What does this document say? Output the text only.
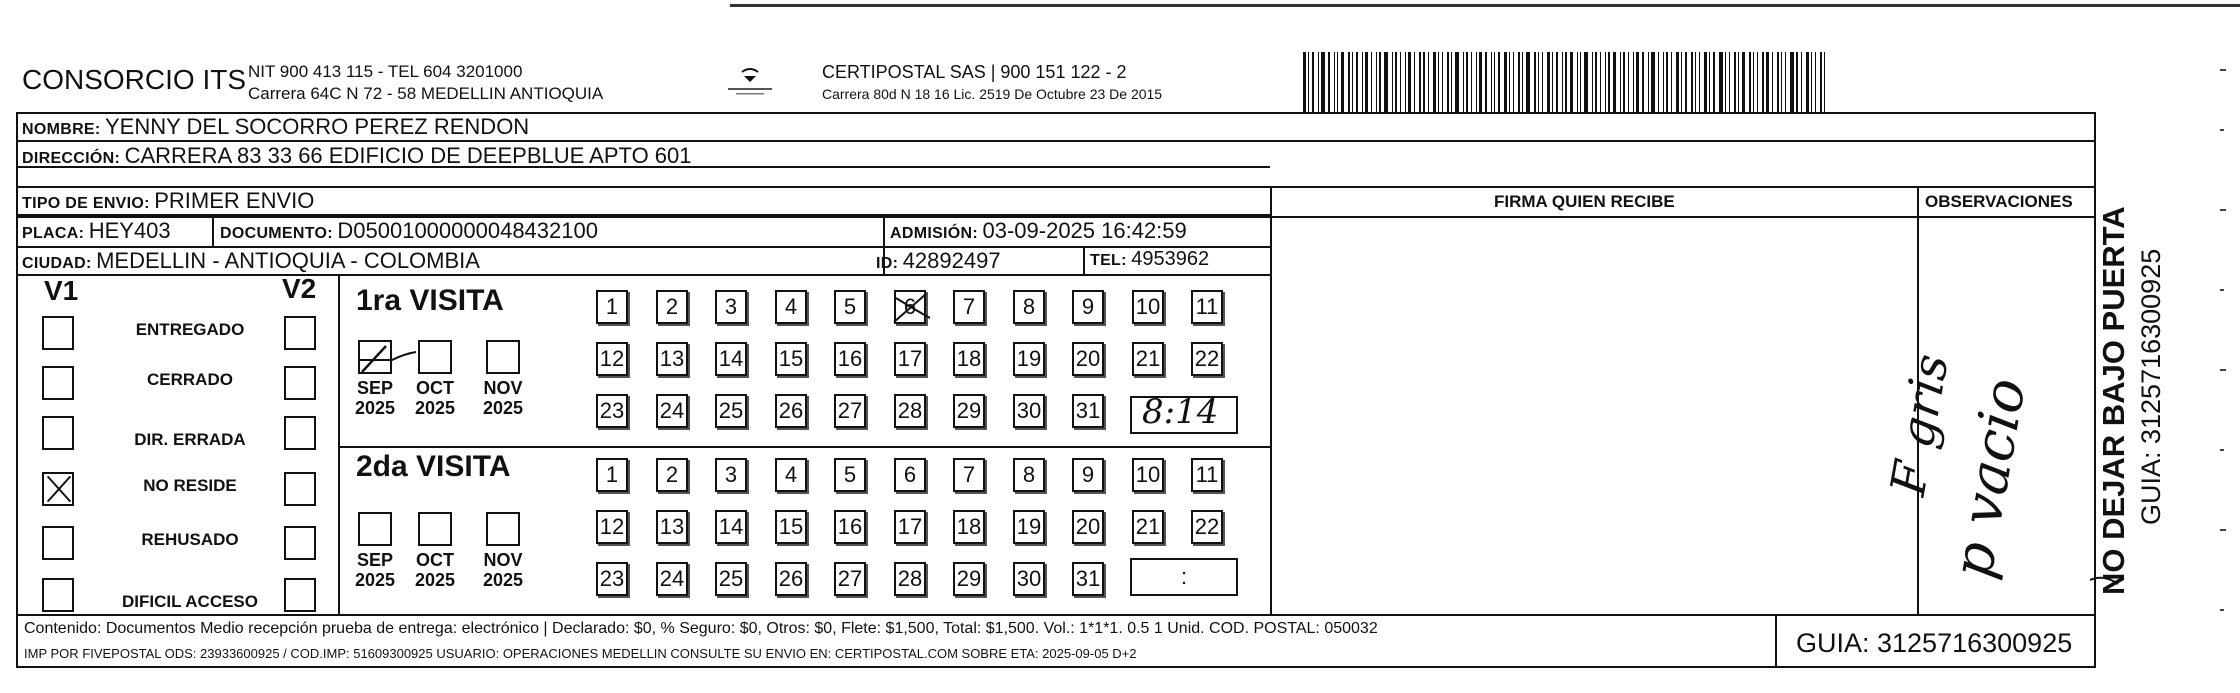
CONSORCIO ITS NIT 900 413 115 - TEL 604 3201000
Carrera 64C N 72 - 58 MEDELLIN ANTIOQUIA
CERTIPOSTAL SAS | 900 151 122 - 2
Carrera 80d N 18 16 Lic. 2519 De Octubre 23 De 2015
NOMBRE: YENNY DEL SOCORRO PEREZ RENDON
DIRECCIÓN: CARRERA 83 33 66 EDIFICIO DE DEEPBLUE APTO 601
TIPO DE ENVIO: PRIMER ENVIO	FIRMA QUIEN RECIBE	OBSERVACIONES
PLACA: HEY403	DOCUMENTO: D05001000000048432100	ADMISIÓN: 03-09-2025 16:42:59
CIUDAD: MEDELLIN - ANTIOQUIA - COLOMBIA	ID: 42892497	TEL: 4953962
V1	V2
ENTREGADO
CERRADO
DIR. ERRADA
NO RESIDE
REHUSADO
DIFICIL ACCESO
1ra VISITA
2da VISITA
SEP
2025
OCT
2025
NOV
2025
SEP
2025
OCT
2025
NOV
2025
1	2	3	4	5	6	7	8	9	10 11
12 13 14 15 16 17 18 19 20 21 22
23 24 25 26 27 28 29 30 31
1	2	3	4	5	6	7	8	9	10 11
12 13 14 15 16 17 18 19 20 21 22
23 24 25 26 27 28 29 30 31
8:14
:
F gris
p vacio NO DEJAR BAJO PUERTA GUIA: 3125716300925
Contenido: Documentos Medio recepción prueba de entrega: electrónico | Declarado: $0, % Seguro: $0, Otros: $0, Flete: $1,500, Total: $1,500. Vol.: 1*1*1. 0.5 1 Unid. COD. POSTAL: 050032
IMP POR FIVEPOSTAL ODS: 23933600925 / COD.IMP: 51609300925 USUARIO: OPERACIONES MEDELLIN CONSULTE SU ENVIO EN: CERTIPOSTAL.COM SOBRE ETA: 2025-09-05 D+2	GUIA: 3125716300925
